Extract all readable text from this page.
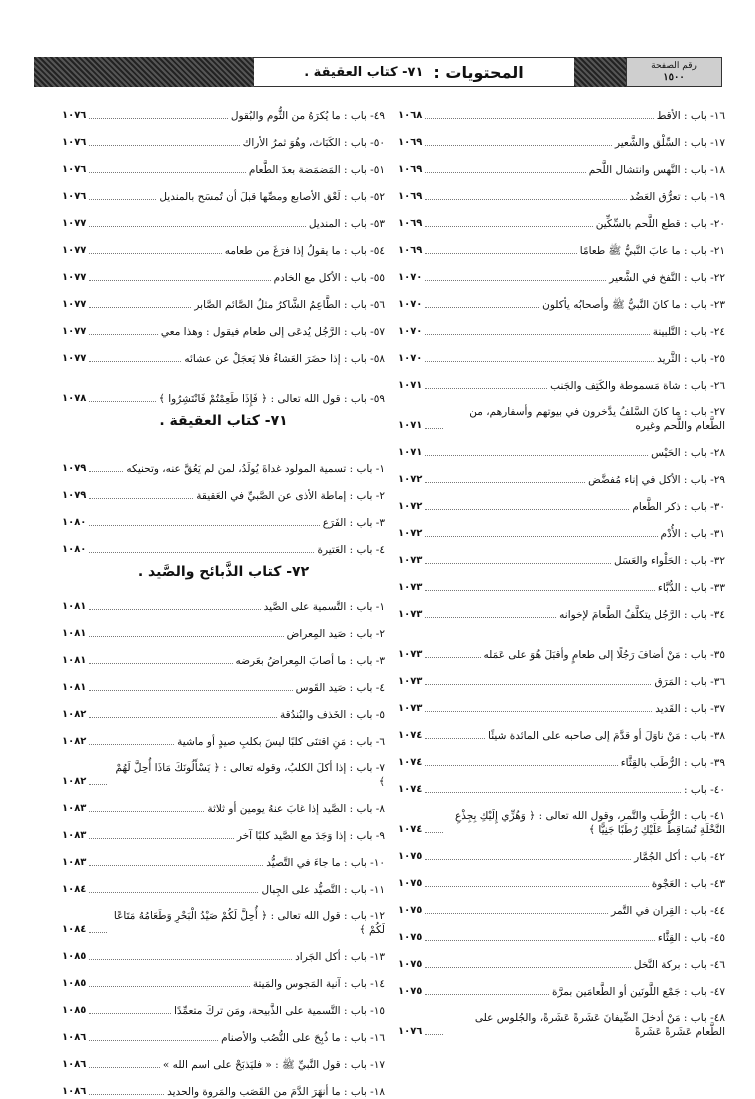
رقم الصفحة
١٥٠٠
المحتويات :
٧١- كتاب العقيقة .
١٦- باب : الأقط
١٠٦٨
١٧- باب : السِّلْق والشَّعير
١٠٦٩
١٨- باب : النَّهس وانتشال اللَّحم
١٠٦٩
١٩- باب : تعرُّق العَضُد
١٠٦٩
٢٠- باب : قطع اللَّحم بالسِّكِّين
١٠٦٩
٢١- باب : ما عابَ النَّبيُّ ﷺ طعامًا
١٠٦٩
٢٢- باب : النَّفخ في الشَّعير
١٠٧٠
٢٣- باب : ما كانَ النَّبيُّ ﷺ وأصحابُه يأكلون
١٠٧٠
٢٤- باب : التَّلبينة
١٠٧٠
٢٥- باب : الثَّريد
١٠٧٠
٢٦- باب : شاة مَسموطة والكَتِف والجَنب
١٠٧١
٢٧- باب : ما كانَ السَّلفُ يدَّخرون في بيوتهم وأسفارهم، من الطَّعام واللَّحم وغيره
١٠٧١
٢٨- باب : الحَيْس
١٠٧١
٢٩- باب : الأكل في إناء مُفضَّض
١٠٧٢
٣٠- باب : ذكر الطَّعام
١٠٧٢
٣١- باب : الأُدْم
١٠٧٢
٣٢- باب : الحَلْواء والعَسَل
١٠٧٣
٣٣- باب : الدُّبَّاء
١٠٧٣
٣٤- باب : الرَّجُل يتكلَّفُ الطَّعامَ لإخوانه
١٠٧٣
٣٥- باب : مَنْ أضافَ رَجُلًا إلى طعامٍ وأقبَلَ هُوَ على عَمَله
١٠٧٣
٣٦- باب : المَرَق
١٠٧٣
٣٧- باب : القَديد
١٠٧٣
٣٨- باب : مَنْ ناوَلَ أو قدَّمَ إلى صاحبه على المائدة شيئًا
١٠٧٤
٣٩- باب : الرُّطَب بالقِثَّاء
١٠٧٤
٤٠- باب :
١٠٧٤
٤١- باب : الرُّطَب والتَّمر، وقول الله تعالى : ﴿ وَهُزِّي إِلَيْكِ بِجِذْعِ النَّخْلَةِ تُسَاقِطْ عَلَيْكِ رُطَبًا جَنِيًّا ﴾
١٠٧٤
٤٢- باب : أكل الجُمَّار
١٠٧٥
٤٣- باب : العَجْوة
١٠٧٥
٤٤- باب : القِران في التَّمر
١٠٧٥
٤٥- باب : القِثَّاء
١٠٧٥
٤٦- باب : بركة النَّخل
١٠٧٥
٤٧- باب : جَمْع اللَّونَين أو الطَّعامَين بمرَّة
١٠٧٥
٤٨- باب : مَنْ أدخلَ الضِّيفانَ عَشَرةً عَشَرةً، والجُلوس على الطَّعام عَشَرةً عَشَرةً
١٠٧٦
٤٩- باب : ما يُكرَهُ من الثُّوم والبُقول
١٠٧٦
٥٠- باب : الكَبَاث، وهُوَ ثمرُ الأراك
١٠٧٦
٥١- باب : المَضمَضة بعدَ الطَّعام
١٠٧٦
٥٢- باب : لَعْق الأصابع ومصِّها قبلَ أن تُمسَح بالمنديل
١٠٧٦
٥٣- باب : المنديل
١٠٧٧
٥٤- باب : ما يقولُ إذا فرَغَ من طعامه
١٠٧٧
٥٥- باب : الأكل مع الخادم
١٠٧٧
٥٦- باب : الطَّاعِمُ الشَّاكرُ مثلُ الصَّائم الصَّابر
١٠٧٧
٥٧- باب : الرَّجُل يُدعَى إلى طعام فيقول : وهذا معي
١٠٧٧
٥٨- باب : إذا حضَرَ العَشاءُ فلا يَعجَلْ عن عشائه
١٠٧٧
٥٩- باب : قول الله تعالى : ﴿ فَإِذَا طَعِمْتُمْ فَانْتَشِرُوا ﴾
١٠٧٨
٧١- كتاب العقيقة .
١- باب : تسمية المولود غداةَ يُولَدُ، لمن لم يَعُقَّ عنه، وتحنيكه
١٠٧٩
٢- باب : إماطة الأذى عن الصَّبيِّ في العَقيقة
١٠٧٩
٣- باب : الفَرَع
١٠٨٠
٤- باب : العَتيرة
١٠٨٠
٧٢- كتاب الذَّبائح والصَّيد .
١- باب : التَّسمية على الصَّيد
١٠٨١
٢- باب : صَيد المِعراض
١٠٨١
٣- باب : ما أصابَ المِعراضُ بعَرضه
١٠٨١
٤- باب : صَيد القَوس
١٠٨١
٥- باب : الخَذف والبُندُقة
١٠٨٢
٦- باب : مَنِ اقتنَى كلبًا ليسَ بكلبِ صيدٍ أو ماشية
١٠٨٢
٧- باب : إذا أكلَ الكلبُ، وقوله تعالى : ﴿ يَسْأَلُونَكَ مَاذَا أُحِلَّ لَهُمْ ﴾
١٠٨٢
٨- باب : الصَّيد إذا غابَ عنهُ يومين أو ثلاثة
١٠٨٣
٩- باب : إذا وَجَدَ مع الصَّيد كلبًا آخر
١٠٨٣
١٠- باب : ما جاءَ في التَّصيُّد
١٠٨٣
١١- باب : التَّصيُّد على الجِبال
١٠٨٤
١٢- باب : قول الله تعالى : ﴿ أُحِلَّ لَكُمْ صَيْدُ الْبَحْرِ وَطَعَامُهُ مَتَاعًا لَكُمْ ﴾
١٠٨٤
١٣- باب : أكل الجَراد
١٠٨٥
١٤- باب : آنية المَجوس والمَيتة
١٠٨٥
١٥- باب : التَّسمية على الذَّبيحة، ومَن تركَ متعمِّدًا
١٠٨٥
١٦- باب : ما ذُبِحَ على النُّصُب والأصنام
١٠٨٦
١٧- باب : قول النَّبيِّ ﷺ : « فليَذبَحْ على اسم الله »
١٠٨٦
١٨- باب : ما أنهَرَ الدَّمَ من القَصَب والمَروة والحديد
١٠٨٦
